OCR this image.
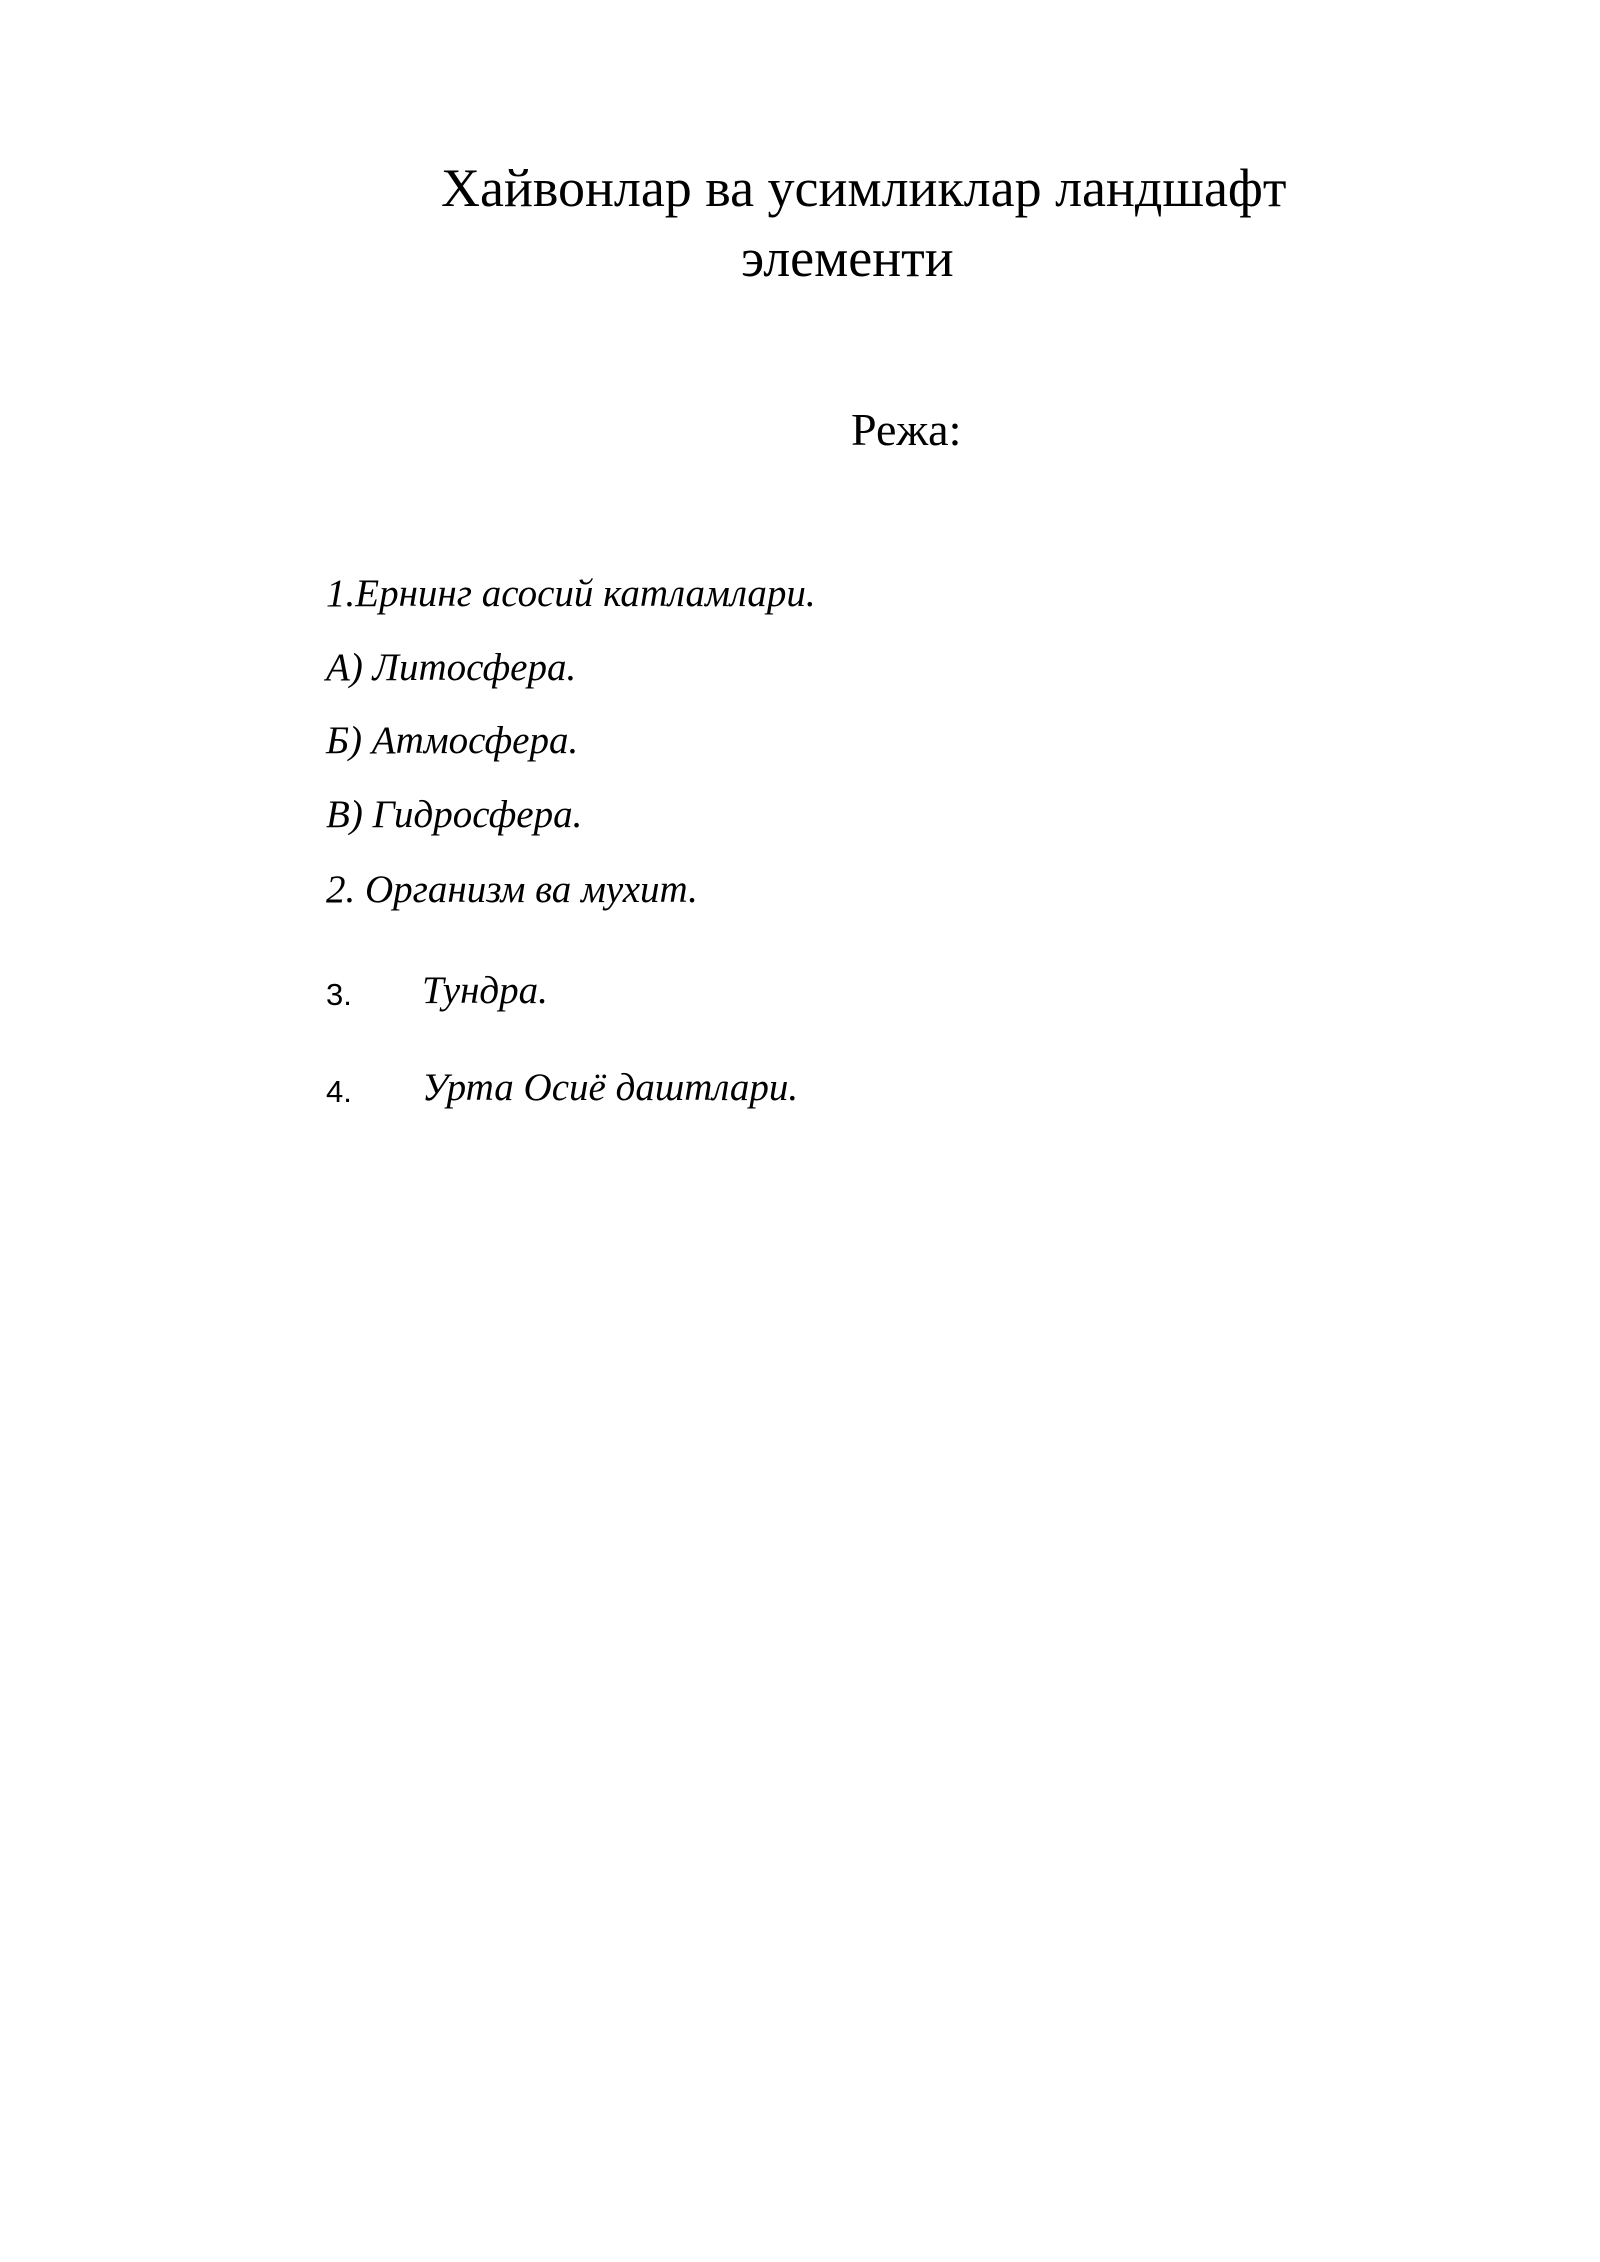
Хайвонлар ва усимликлар ландшафт
элементи
Режа:
1.Ернинг асосий катламлари.
А) Литосфера.
Б) Атмосфера.
В) Гидросфера.
2. Организм ва мухит.
3. Тундра.
4. Урта Осиё даштлари.
